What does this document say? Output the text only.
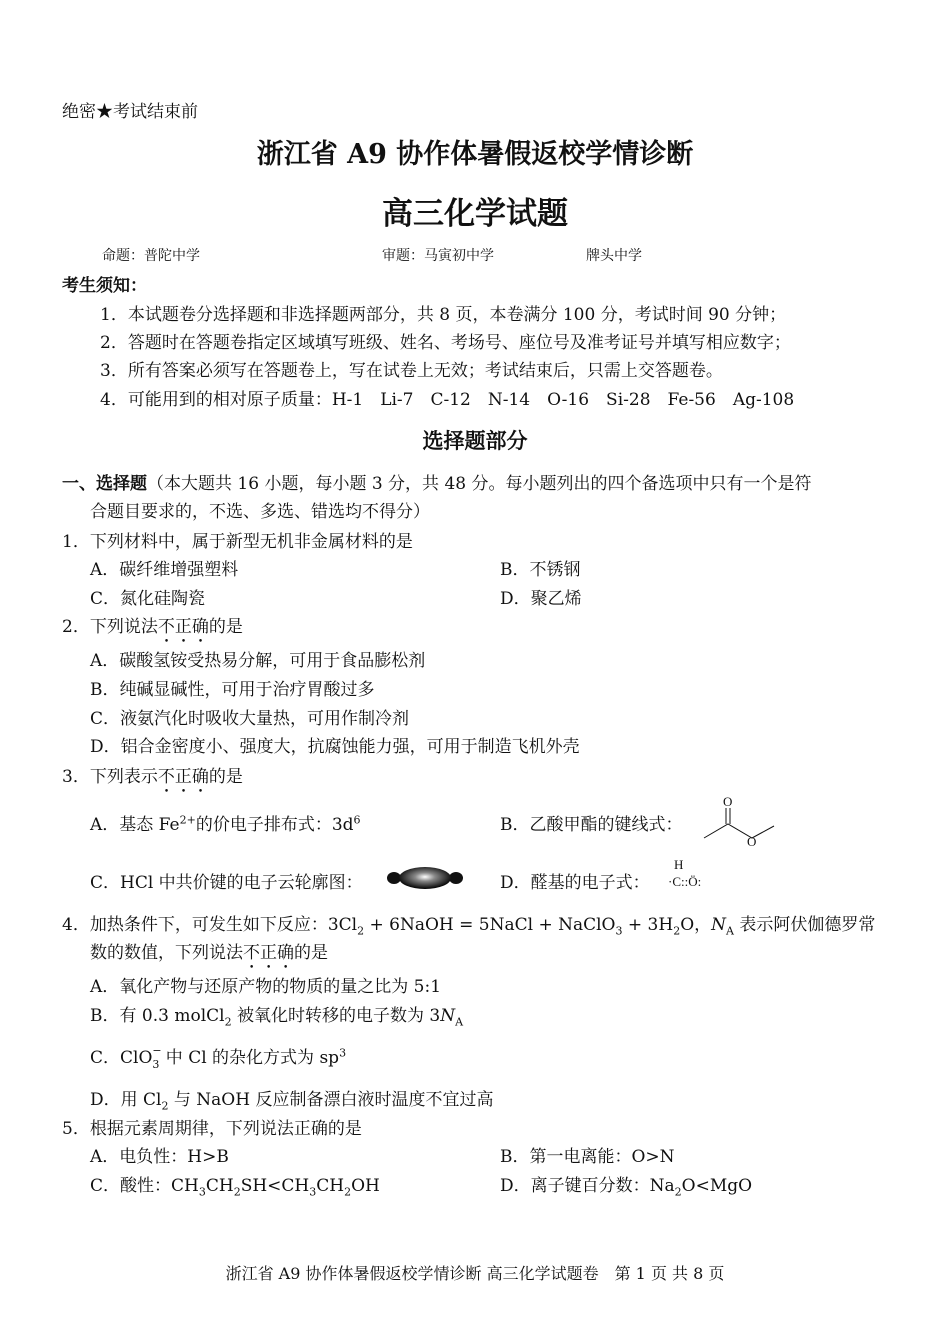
绝密★考试结束前
浙江省 A9 协作体暑假返校学情诊断
高三化学试题
命题：普陀中学	审题：马寅初中学	牌头中学
考生须知：
1．本试题卷分选择题和非选择题两部分，共 8 页，本卷满分 100 分，考试时间 90 分钟；
2．答题时在答题卷指定区域填写班级、姓名、考场号、座位号及准考证号并填写相应数字；
3．所有答案必须写在答题卷上，写在试卷上无效；考试结束后，只需上交答题卷。
4．可能用到的相对原子质量：H-1　Li-7　C-12　N-14　O-16　Si-28　Fe-56　Ag-108
选择题部分
一、选择题（本大题共 16 小题，每小题 3 分，共 48 分。每小题列出的四个备选项中只有一个是符
合题目要求的，不选、多选、错选均不得分）
1．下列材料中，属于新型无机非金属材料的是
A．碳纤维增强塑料	B．不锈钢
C．氮化硅陶瓷	D．聚乙烯
2．下列说法不正确的是
A．碳酸氢铵受热易分解，可用于食品膨松剂
B．纯碱显碱性，可用于治疗胃酸过多
C．液氨汽化时吸收大量热，可用作制冷剂
D．铝合金密度小、强度大，抗腐蚀能力强，可用于制造飞机外壳
3．下列表示不正确的是
A．基态 $Fe^{2+}$的价电子排布式：$3d^6$	B．乙酸甲酯的键线式：
O
O
C．HCl 中共价键的电子云轮廓图：	D．醛基的电子式：
H
·C::Ö:
4．加热条件下，可发生如下反应：$3Cl_2$ + 6NaOH = 5NaCl + NaClO$_3$ + $3H_2O$，$N_A$ 表示阿伏伽德罗常
数的数值，下列说法不正确的是
A．氧化产物与还原产物的物质的量之比为 5:1
B．有 0.3 molCl$_2$ 被氧化时转移的电子数为 $3N_A$
C．ClO −
3 中 Cl 的杂化方式为 $sp^3$
D．用 $Cl_2$ 与 NaOH 反应制备漂白液时温度不宜过高
5．根据元素周期律，下列说法正确的是
A．电负性：H>B	B．第一电离能：O>N
C．酸性：$CH_3CH_2SH<CH_3CH_2OH$	D．离子键百分数：$Na_2O<MgO$
浙江省 A9 协作体暑假返校学情诊断 高三化学试题卷　第 1 页 共 8 页
